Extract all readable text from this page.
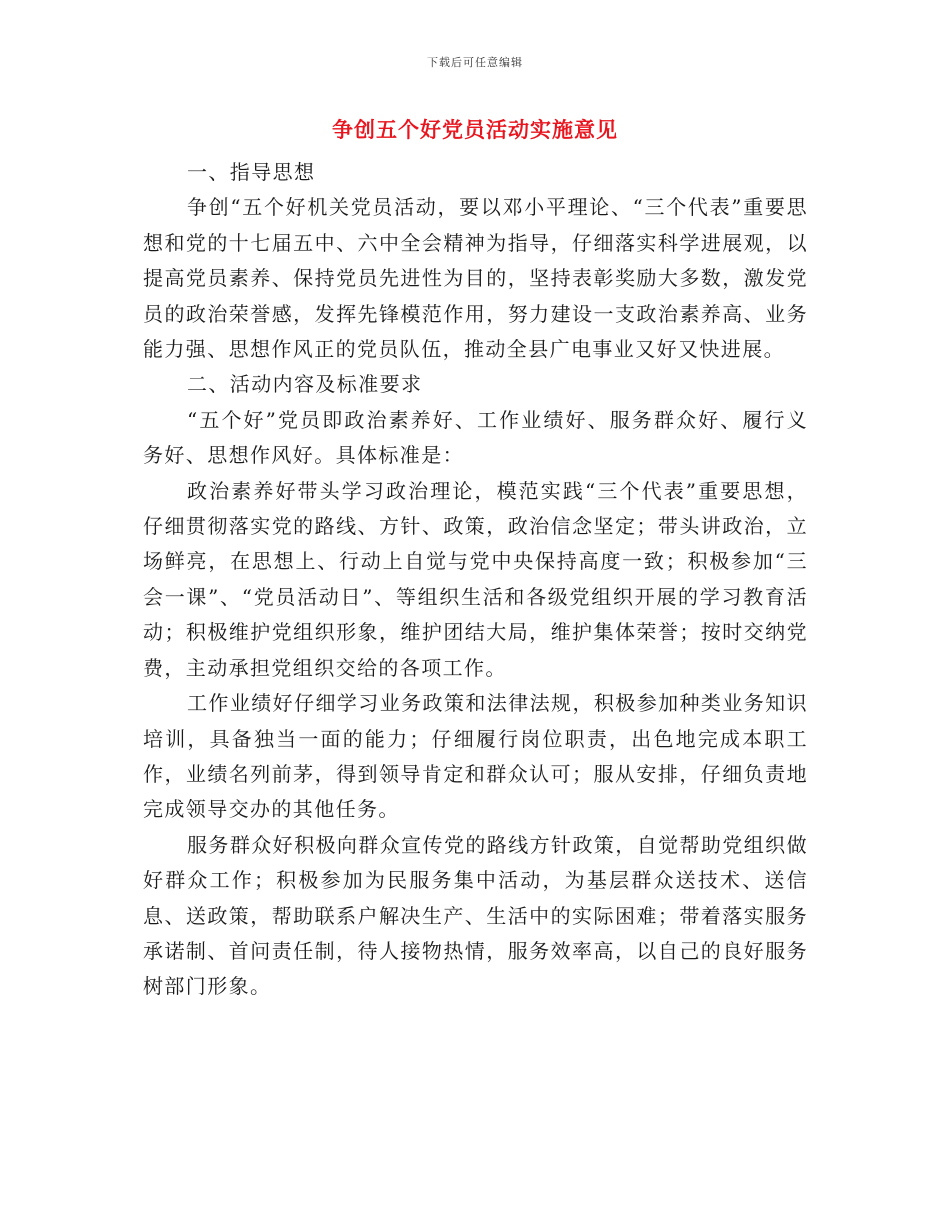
下载后可任意编辑
争创五个好党员活动实施意见

一、指导思想

争创“五个好机关党员活动，要以邓小平理论、“三个代表”重要思想和党的十七届五中、六中全会精神为指导，仔细落实科学进展观，以提高党员素养、保持党员先进性为目的，坚持表彰奖励大多数，激发党员的政治荣誉感，发挥先锋模范作用，努力建设一支政治素养高、业务能力强、思想作风正的党员队伍，推动全县广电事业又好又快进展。

二、活动内容及标准要求

“五个好”党员即政治素养好、工作业绩好、服务群众好、履行义务好、思想作风好。具体标准是：

政治素养好带头学习政治理论，模范实践“三个代表”重要思想，仔细贯彻落实党的路线、方针、政策，政治信念坚定；带头讲政治，立场鲜亮，在思想上、行动上自觉与党中央保持高度一致；积极参加“三会一课”、“党员活动日”、等组织生活和各级党组织开展的学习教育活动；积极维护党组织形象，维护团结大局，维护集体荣誉；按时交纳党费，主动承担党组织交给的各项工作。

工作业绩好仔细学习业务政策和法律法规，积极参加种类业务知识培训，具备独当一面的能力；仔细履行岗位职责，出色地完成本职工作，业绩名列前茅，得到领导肯定和群众认可；服从安排，仔细负责地完成领导交办的其他任务。

服务群众好积极向群众宣传党的路线方针政策，自觉帮助党组织做好群众工作；积极参加为民服务集中活动，为基层群众送技术、送信息、送政策，帮助联系户解决生产、生活中的实际困难；带着落实服务承诺制、首问责任制，待人接物热情，服务效率高，以自己的良好服务树部门形象。
